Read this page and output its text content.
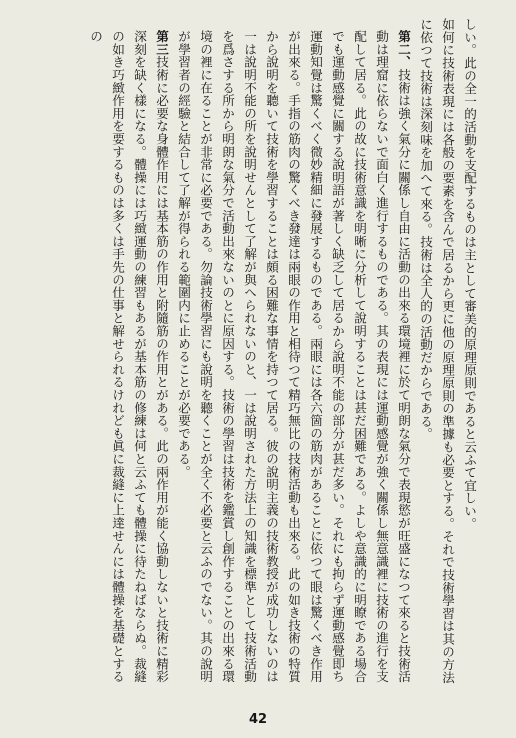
しい。此の全一的活動を支配するものは主として審美的原理原則であると云ふて宜しい。

如何に技術表現には各般の要素を含んで居るから更に他の原理原則の準據も必要とする。それで技術學習は其の方法に依つて技術は深刻味を加へて來る。技術は全人的の活動だからである。

第二、技術は強く氣分に關係し自由に活動の出來る環境裡に於て明朗な氣分で表現慾が旺盛になつて來ると技術活動は理窟に依らないで面白く進行するものである。其の表現には運動感覺が強く關係し無意識裡に技術の進行を支配して居る。此の故に技術意識を明晰に分析して說明することは甚だ困難である。よしや意識的に明瞭である場合でも運動感覺に關する說明語が著しく缺乏して居るから說明不能の部分が甚だ多い。それにも拘らず運動感覺即ち運動知覺は驚くべく微妙精細に發展するものである。兩眼には各六箇の筋肉があることに依つて眼は驚くべき作用が出來る。手指の筋肉の驚くべき發達は兩眼の作用と相待つて精巧無比の技術活動も出來る。此の如き技術の特質から說明を聽いて技術を學習することは頗る困難な事情を持つて居る。彼の說明主義の技術教授が成功しないのは一は說明不能の所を說明せんとして了解が與へられないのと、一は說明された方法上の知識を標準として技術活動を爲さする所から明朗な氣分で活動出來ないのとに原因する。技術の學習は技術を鑑賞し創作することの出來る環境の裡に在ることが非常に必要である。勿論技術學習にも說明を聽くことが全く不必要と云ふのでない。其の說明が學習者の經驗と結合して了解が得られる範圍内に止めることが必要である。

第三技術に必要な身體作用には基本筋の作用と附隨筋の作用とがある。此の兩作用が能く協動しないと技術に精彩深刻を缺く樣になる。體操には巧緻運動の練習もあるが基本筋の修練は何と云ふても體操に待たねばならぬ。裁縫の如き巧緻作用を要するものは多くは手先の仕事と解せられるけれども眞に裁縫に上達せんには體操を基礎とするの

42
